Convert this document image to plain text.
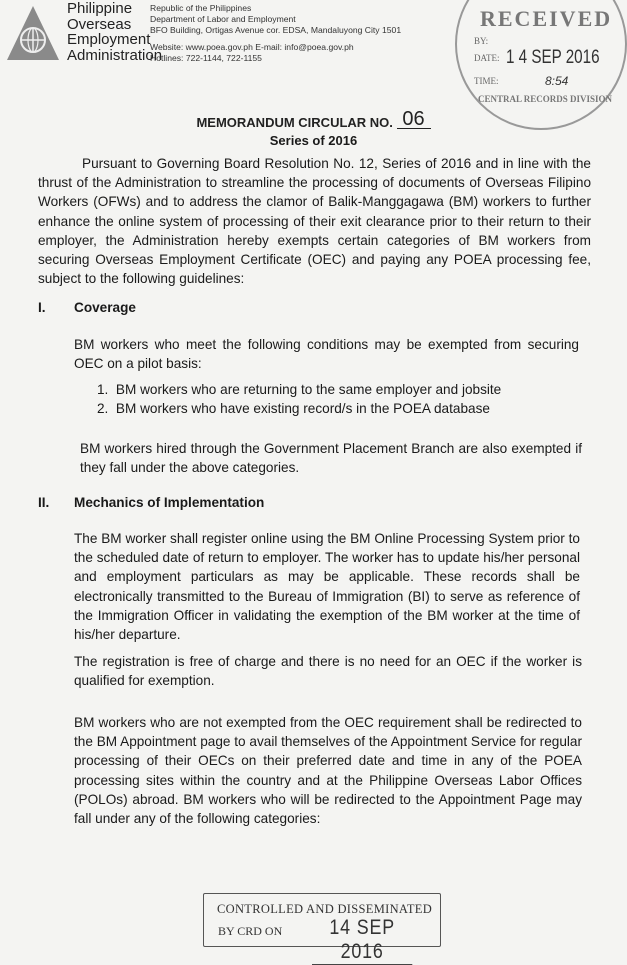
Philippine
Overseas
Employment
Administration
Republic of the Philippines
Department of Labor and Employment
BFO Building, Ortigas Avenue cor. EDSA, Mandaluyong City 1501
Website: www.poea.gov.ph E-mail: info@poea.gov.ph
Hotlines: 722-1144, 722-1155
RECEIVED
BY:
DATE:
TIME:
1 4 SEP 2016
8:54
CENTRAL RECORDS DIVISION
MEMORANDUM CIRCULAR NO. 06
Series of 2016

Pursuant to Governing Board Resolution No. 12, Series of 2016 and in line with the thrust of the Administration to streamline the processing of documents of Overseas Filipino Workers (OFWs) and to address the clamor of Balik-Manggagawa (BM) workers to further enhance the online system of processing of their exit clearance prior to their return to their employer, the Administration hereby exempts certain categories of BM workers from securing Overseas Employment Certificate (OEC) and paying any POEA processing fee, subject to the following guidelines:

I. Coverage

BM workers who meet the following conditions may be exempted from securing OEC on a pilot basis:

1. BM workers who are returning to the same employer and jobsite
2. BM workers who have existing record/s in the POEA database

BM workers hired through the Government Placement Branch are also exempted if they fall under the above categories.

II. Mechanics of Implementation

The BM worker shall register online using the BM Online Processing System prior to the scheduled date of return to employer. The worker has to update his/her personal and employment particulars as may be applicable. These records shall be electronically transmitted to the Bureau of Immigration (BI) to serve as reference of the Immigration Officer in validating the exemption of the BM worker at the time of his/her departure.

The registration is free of charge and there is no need for an OEC if the worker is qualified for exemption.

BM workers who are not exempted from the OEC requirement shall be redirected to the BM Appointment page to avail themselves of the Appointment Service for regular processing of their OECs on their preferred date and time in any of the POEA processing sites within the country and at the Philippine Overseas Labor Offices (POLOs) abroad. BM workers who will be redirected to the Appointment Page may fall under any of the following categories:

CONTROLLED AND DISSEMINATED
BY CRD ON	14 SEP 2016
